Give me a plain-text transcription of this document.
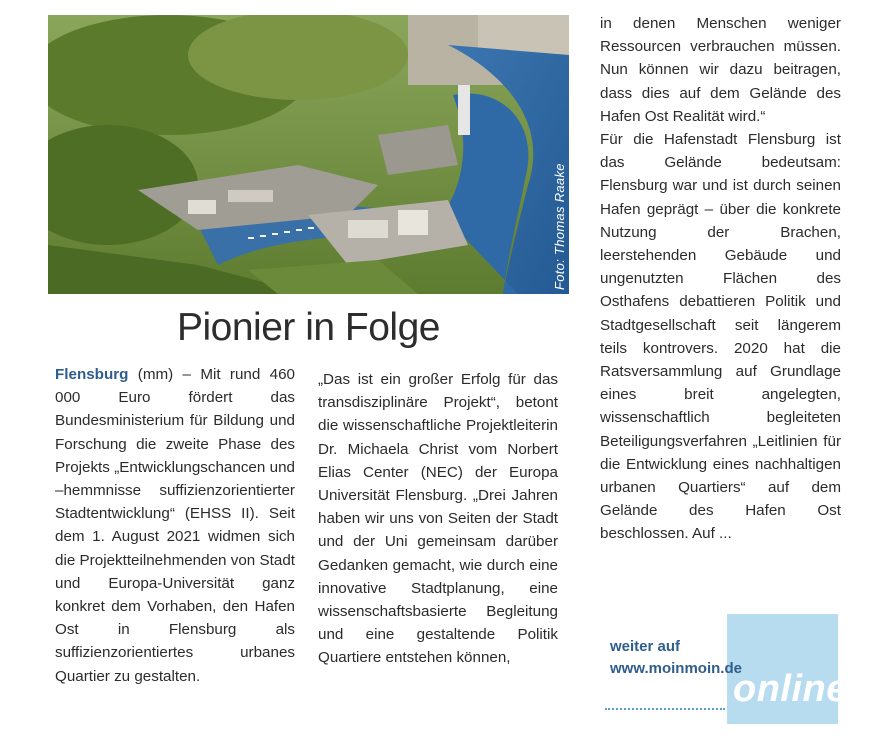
Foto: Thomas Raake
Pionier in Folge
Flensburg (mm) – Mit rund 460 000 Euro fördert das Bundesministerium für Bildung und Forschung die zweite Phase des Projekts „Entwicklungschancen und –hemmnisse suffizienzorientierter Stadtentwicklung“ (EHSS II). Seit dem 1. August 2021 widmen sich die Projektteilnehmenden von Stadt und Europa-Universität ganz konkret dem Vorhaben, den Hafen Ost in Flensburg als suffizienzorientiertes urbanes Quartier zu gestalten.
„Das ist ein großer Erfolg für das transdisziplinäre Projekt“, betont die wissenschaftliche Projektleiterin Dr. Michaela Christ vom Norbert Elias Center (NEC) der Europa Universität Flensburg. „Drei Jahren haben wir uns von Seiten der Stadt und der Uni gemeinsam darüber Gedanken gemacht, wie durch eine innovative Stadtplanung, eine wissenschaftsbasierte Begleitung und eine gestaltende Politik Quartiere entstehen können,

in denen Menschen weniger Ressourcen verbrauchen müssen. Nun können wir dazu beitragen, dass dies auf dem Gelände des Hafen Ost Realität wird.“

Für die Hafenstadt Flensburg ist das Gelände bedeutsam: Flensburg war und ist durch seinen Hafen geprägt – über die konkrete Nutzung der Brachen, leerstehenden Gebäude und ungenutzten Flächen des Osthafens debattieren Politik und Stadtgesellschaft seit längerem teils kontrovers. 2020 hat die Ratsversammlung auf Grundlage eines breit angelegten, wissenschaftlich begleiteten Beteiligungsverfahren „Leitlinien für die Entwicklung eines nachhaltigen urbanen Quartiers“ auf dem Gelände des Hafen Ost beschlossen. Auf ...

online
weiter auf
www.moinmoin.de
